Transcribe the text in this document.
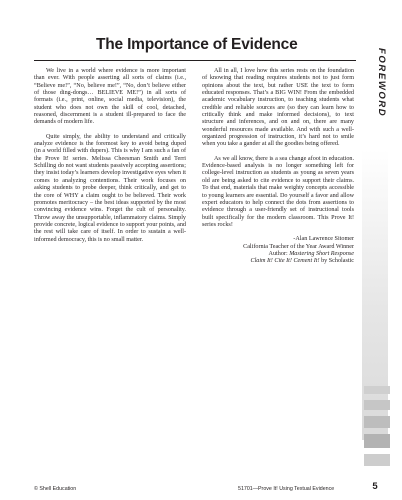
The Importance of Evidence
FOREWORD

We live in a world where evidence is more important than ever. With people asserting all sorts of claims (i.e., “Believe me!”, “No, believe me!”, “No, don’t believe either of those ding-dongs… BELIEVE ME!”) in all sorts of formats (i.e., print, online, social media, television), the student who does not own the skill of cool, detached, reasoned, discernment is a student ill-prepared to face the demands of modern life.

Quite simply, the ability to understand and critically analyze evidence is the foremost key to avoid being duped (in a world filled with dupers). This is why I am such a fan of the Prove It! series. Melissa Cheesman Smith and Terri Schilling do not want students passively accepting assertions; they insist today’s learners develop investigative eyes when it comes to analyzing contentions. Their work focuses on asking students to probe deeper, think critically, and get to the core of WHY a claim ought to be believed. Their work promotes meritocracy – the best ideas supported by the most convincing evidence wins. Forget the cult of personality. Throw away the unsupportable, inflammatory claims. Simply provide concrete, logical evidence to support your points, and the rest will take care of itself. In order to sustain a well-informed democracy, this is no small matter.

All in all, I love how this series rests on the foundation of knowing that reading requires students not to just form opinions about the text, but rather USE the text to form educated responses. That’s a BIG WIN! From the embedded academic vocabulary instruction, to teaching students what credible and reliable sources are (so they can learn how to critically think and make informed decisions), to text structure and inferences, and on and on, there are many wonderful resources made available. And with such a well-organized progression of instruction, it’s hard not to smile when you take a gander at all the goodies being offered.

As we all know, there is a sea change afoot in education. Evidence-based analysis is no longer something left for college-level instruction as students as young as seven years old are being asked to cite evidence to support their claims. To that end, materials that make weighty concepts accessible to young learners are essential. Do yourself a favor and allow expert educators to help connect the dots from assertions to evidence through a user-friendly set of instructional tools built specifically for the modern classroom. This Prove It! series rocks!

-Alan Lawrence Sitomer
California Teacher of the Year Award Winner
Author: Mastering Short Response
Claim It! Cite It! Cement It! by Scholastic
© Shell Education	51701—Prove It! Using Textual Evidence	5
